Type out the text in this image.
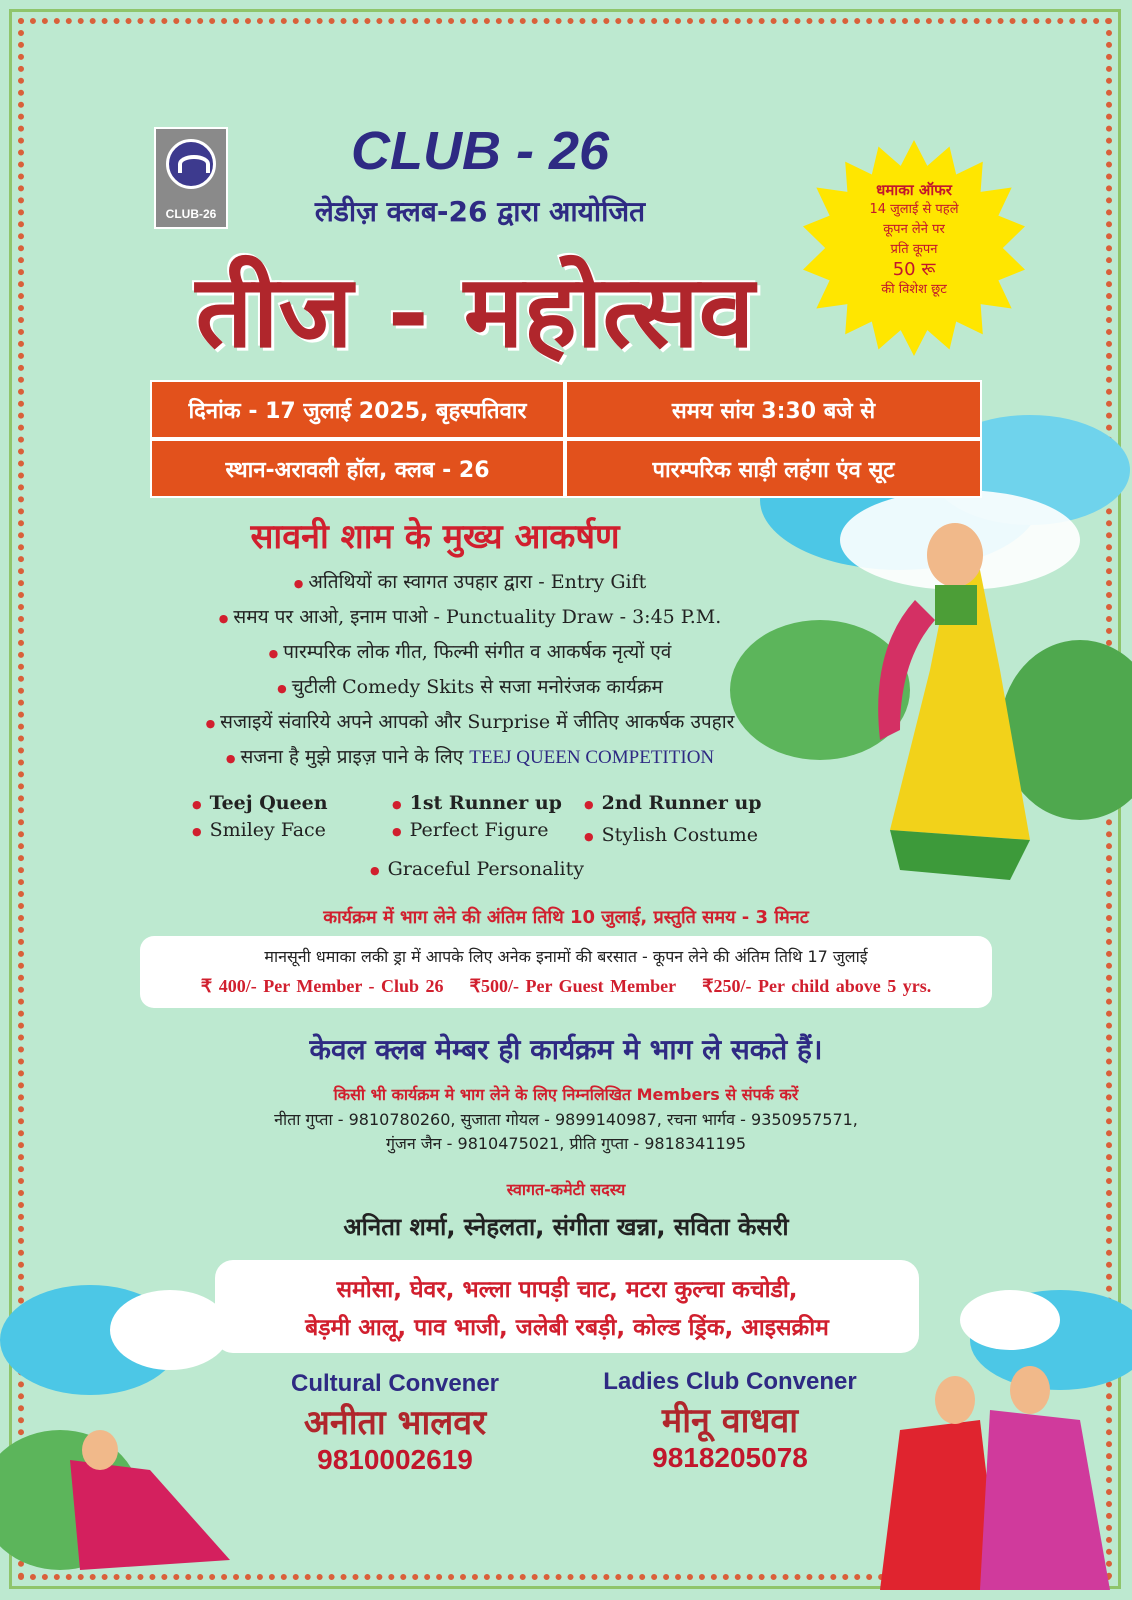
CLUB-26
CLUB - 26
लेडीज़ क्लब-26 द्वारा आयोजित
तीज - महोत्सव
धमाका ऑफर
14 जुलाई से पहले
कूपन लेने पर
प्रति कूपन
50 रू
की विशेश छूट
दिनांक - 17 जुलाई 2025, बृहस्पतिवार	समय सांय 3:30 बजे से
स्थान-अरावली हॉल, क्लब - 26	पारम्परिक साड़ी लहंगा एंव सूट
सावनी शाम के मुख्य आकर्षण
● अतिथियों का स्वागत उपहार द्वारा - Entry Gift
● समय पर आओ, इनाम पाओ - Punctuality Draw - 3:45 P.M.
● पारम्परिक लोक गीत, फिल्मी संगीत व आकर्षक नृत्यों एवं
● चुटीली Comedy Skits से सजा मनोरंजक कार्यक्रम
● सजाइयें संवारिये अपने आपको और Surprise में जीतिए आकर्षक उपहार
● सजना है मुझे प्राइज़ पाने के लिए TEEJ QUEEN COMPETITION
● Teej Queen
● Smiley Face
● 1st Runner up
● Perfect Figure
● 2nd Runner up
● Stylish Costume
● Graceful Personality
कार्यक्रम में भाग लेने की अंतिम तिथि 10 जुलाई, प्रस्तुति समय - 3 मिनट
मानसूनी धमाका लकी ड्रा में आपके लिए अनेक इनामों की बरसात - कूपन लेने की अंतिम तिथि 17 जुलाई
₹ 400/- Per Member - Club 26 ₹500/- Per Guest Member ₹250/- Per child above 5 yrs.
केवल क्लब मेम्बर ही कार्यक्रम मे भाग ले सकते हैं।
किसी भी कार्यक्रम मे भाग लेने के लिए निम्नलिखित Members से संपर्क करें
नीता गुप्ता - 9810780260, सुजाता गोयल - 9899140987, रचना भार्गव - 9350957571,
गुंजन जैन - 9810475021, प्रीति गुप्ता - 9818341195
स्वागत-कमेटी सदस्य
अनिता शर्मा, स्नेहलता, संगीता खन्ना, सविता केसरी
समोसा, घेवर, भल्ला पापड़ी चाट, मटरा कुल्चा कचोडी,
बेड़मी आलू, पाव भाजी, जलेबी रबड़ी, कोल्ड ड्रिंक, आइसक्रीम
Cultural Convener
अनीता भालवर
9810002619
Ladies Club Convener
मीनू वाधवा
9818205078
